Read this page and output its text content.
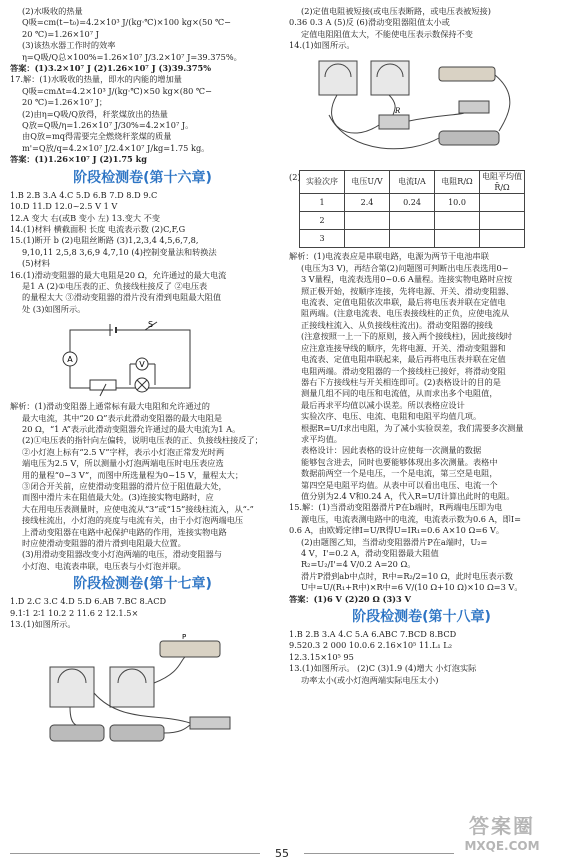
(2)水吸收的热量
Q吸=cm(t−t₀)=4.2×10³ J/(kg·℃)×100 kg×(50 ℃−
20 ℃)=1.26×10⁷ J
(3)该热水器工作时的效率
η=Q吸/Q总×100%=1.26×10⁷ J/3.2×10⁷ J=39.375%。
答案：(1)3.2×10⁷ J (2)1.26×10⁷ J (3)39.375%
17.解：(1)水吸收的热量，即水的内能的增加量
Q吸=cmΔt=4.2×10³ J/(kg·℃)×50 kg×(80 ℃−
20 ℃)=1.26×10⁷ J；
(2)由η=Q吸/Q放得，秆浆煤放出的热量
Q放=Q吸/η=1.26×10⁷ J/30%=4.2×10⁷ J。
由Q放=mq得需要完全燃烧秆浆煤的质量
m'=Q放/q=4.2×10⁷ J/2.4×10⁷ J/kg=1.75 kg。
答案：(1)1.26×10⁷ J (2)1.75 kg
阶段检测卷(第十六章)
1.B 2.B 3.A 4.C 5.D 6.B 7.D 8.D 9.C
10.D 11.D 12.0~2.5 V 1 V
12.A 变大 右(或B 变小 左) 13.变大 不变
14.(1)材料 横截面积 长度 电流表示数 (2)C,F,G
15.(1)断开 b (2)电阻丝断路 (3)1,2,3,4 4,5,6,7,8,
9,10,11 2,5,8 3,6,9 4,7,10 (4)控制变量法和转换法
(5)材料
16.(1)滑动变阻器的最大电阻是20 Ω，允许通过的最大电流
是1 A (2)①电压表的正、负接线柱接反了 ②电压表
的量程太大 ③滑动变阻器的滑片没有滑到电阻最大阻值
处 (3)如图所示。
A
V
S
解析：(1)滑动变阻器上通常标有最大电阻和允许通过的
最大电流，其中“20 Ω”表示此滑动变阻器的最大电阻是
20 Ω，“1 A”表示此滑动变阻器允许通过的最大电流为1 A。
(2)①电压表的指针向左偏转，说明电压表的正、负接线柱接反了；
②小灯泡上标有“2.5 V”字样，表示小灯泡正常发光时两
端电压为2.5 V，所以测量小灯泡两端电压时电压表应选
用的量程“0~3 V”，而图中所选量程为0~15 V，量程太大；
③闭合开关前，应使滑动变阻器的滑片位于阻值最大处，
而图中滑片未在阻值最大处。(3)连接实物电路时，应
大在用电压表测量时，应使电流从“3”或“15”接线柱流入，从“-”
接线柱流出，小灯泡的亮度与电流有关，由于小灯泡两端电压
上滑动变阻器在电路中起保护电路的作用，连接实物电路
时应使滑动变阻器的滑片滑到电阻最大位置。
(3)用滑动变阻器改变小灯泡两端的电压，滑动变阻器与
小灯泡、电流表串联，电压表与小灯泡并联。
阶段检测卷(第十七章)
1.D 2.C 3.C 4.D 5.D 6.AB 7.BC 8.ACD
9.1∶1 2∶1 10.2 2 11.6 2 12.1.5×
13.(1)如图所示。
P
(2)定值电阻被短接(或电压表断路，或电压表被短接)
0.36 0.3 A (5)反 (6)滑动变阻器阻值太小或
定值电阻阻值太大，不能使电压表示数保持不变
14.(1)如图所示。
R
(2)
实验次序	电压U/V	电流I/A	电阻R/Ω	电阻平均值R̄/Ω
1	2.4	0.24	10.0	
2				
3				
解析：(1)电流表应是串联电路，电源为两节干电池串联
(电压为3 V)，再结合第(2)问题图可判断出电压表选用0~
3 V量程，电流表选用0~0.6 A量程。连接实物电路时应按
照正极开始，按顺序连接，先将电源、开关、滑动变阻器、
电流表、定值电阻依次串联，最后将电压表并联在定值电
阻两端。(注意电流表、电压表接线柱的正负，应使电流从
正接线柱流入、从负接线柱流出)。滑动变阻器的接线
(注意按照一上一下的原则，接入两个接线柱)，因此接线时
应注意连接导线的顺序，先将电源、开关、滑动变阻器和
电流表、定值电阻串联起来，最后再将电压表并联在定值
电阻两端。滑动变阻器的一个接线柱已接好，将滑动变阻
器右下方接线柱与开关相连即可。(2)表格设计的目的是
测量几组不同的电压和电流值，从而求出多个电阻值，
最后再求平均值以减小误差。所以表格应设计
实验次序、电压、电流、电阻和电阻平均值几项。
根据R=U/I求出电阻，为了减小实验误差，我们需要多次测量
求平均值。
表格设计：因此表格的设计应使每一次测量的数据
能够包含进去，同时也要能够体现出多次测量。表格中
数据前两空一个是电压，一个是电流，第三空是电阻，
第四空是电阻平均值。从表中可以看出电压、电流一个
值分别为2.4 V和0.24 A，代入R=U/I计算出此时的电阻。
15.解：(1)当滑动变阻器滑片P在b端时，R两端电压即为电
源电压，电流表测电路中的电流，电流表示数为0.6 A，即I=
0.6 A，由欧姆定律I=U/R得U=IR₁=0.6 A×10 Ω=6 V。
(2)由题图乙知，当滑动变阻器滑片P在a端时，U₂=
4 V，I'=0.2 A，滑动变阻器最大阻值
R₂=U₂/I'=4 V/0.2 A=20 Ω。
滑片P滑到ab中点时，R中=R₂/2=10 Ω，此时电压表示数
U中=U/(R₁+R中)×R中=6 V/(10 Ω+10 Ω)×10 Ω=3 V。
答案：(1)6 V (2)20 Ω (3)3 V
阶段检测卷(第十八章)
1.B 2.B 3.A 4.C 5.A 6.ABC 7.BCD 8.BCD
9.520.3 2 000 10.0.6 2.16×10⁵ 11.L₁ L₂
12.3.15×10⁵ 95
13.(1)如图所示。 (2)C (3)1.9 (4)增大 小灯泡实际
功率太小(或小灯泡两端实际电压太小)
55
答案圈
MXQE.COM
